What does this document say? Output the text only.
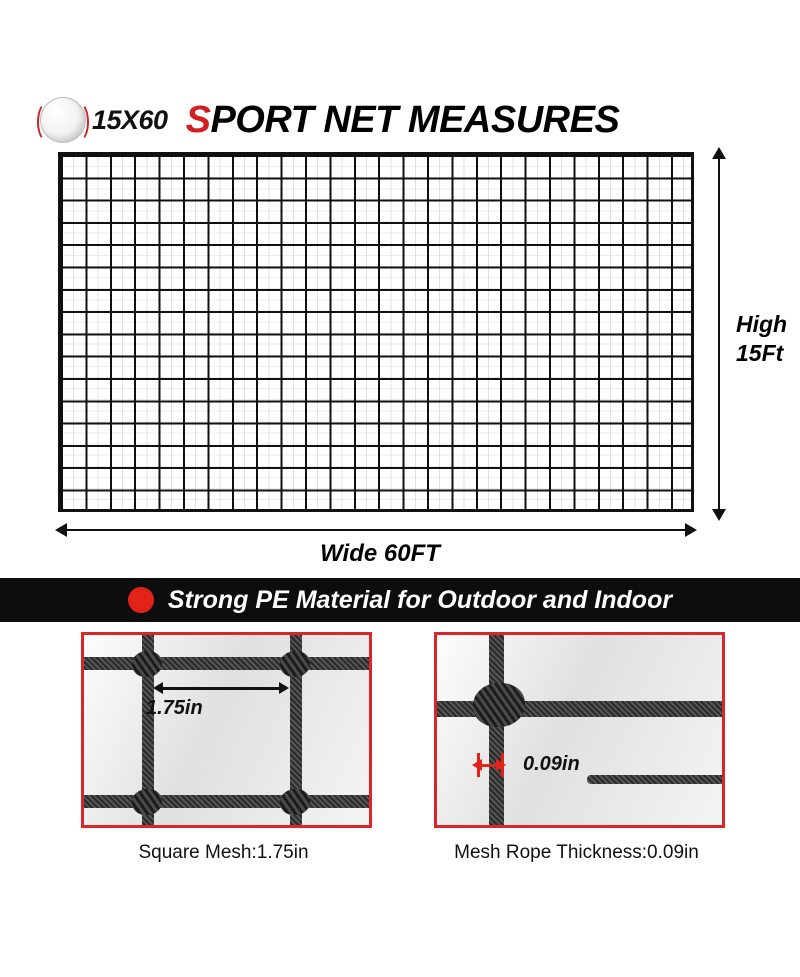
15X60 SPORT NET MEASURES
High
15Ft
Wide 60FT
Strong PE Material for Outdoor and Indoor
1.75in
Square Mesh:1.75in
0.09in
Mesh Rope Thickness:0.09in
